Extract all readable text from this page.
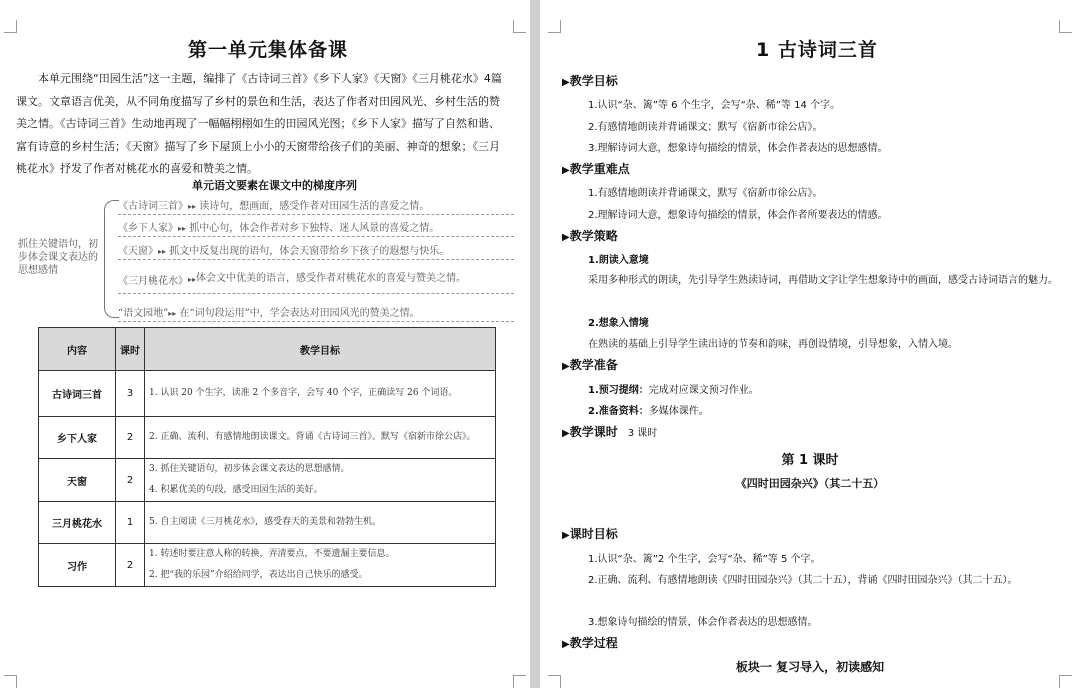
第一单元集体备课
本单元围绕“田园生活”这一主题，编排了《古诗词三首》《乡下人家》《天窗》《三月桃花水》4篇课文。文章语言优美，从不同角度描写了乡村的景色和生活，表达了作者对田园风光、乡村生活的赞美之情。《古诗词三首》生动地再现了一幅幅栩栩如生的田园风光图；《乡下人家》描写了自然和谐、富有诗意的乡村生活；《天窗》描写了乡下屋顶上小小的天窗带给孩子们的美丽、神奇的想象；《三月桃花水》抒发了作者对桃花水的喜爱和赞美之情。
单元语文要素在课文中的梯度序列
抓住关键语句，初步体会课文表达的思想感情
《古诗词三首》▸▸ 读诗句，想画面，感受作者对田园生活的喜爱之情。
《乡下人家》▸▸ 抓中心句，体会作者对乡下独特、迷人风景的喜爱之情。
《天窗》▸▸ 抓文中反复出现的语句，体会天窗带给乡下孩子的遐想与快乐。
《三月桃花水》 ▸▸ 体会文中优美的语言，感受作者对桃花水的喜爱与赞美之情。
“语文园地”▸▸ 在“词句段运用”中，学会表达对田园风光的赞美之情。
内容	课时	教学目标
古诗词三首	3	1. 认识 20 个生字，读准 2 个多音字，会写 40 个字，正确读写 26 个词语。
乡下人家	2	2. 正确、流利、有感情地朗读课文。背诵《古诗词三首》。默写《宿新市徐公店》。
天窗	2	3. 抓住关键语句，初步体会课文表达的思想感情。
4. 积累优美的句段，感受田园生活的美好。

三月桃花水	1	5. 自主阅读《三月桃花水》，感受春天的美景和勃勃生机。
习作	2	1. 转述时要注意人称的转换，弄清要点，不要遗漏主要信息。
2. 把“我的乐园”介绍给同学，表达出自己快乐的感受。
1 古诗词三首
▶教学目标
1.认识“杂、篱”等 6 个生字，会写“杂、稀”等 14 个字。
2.有感情地朗读并背诵课文；默写《宿新市徐公店》。
3.理解诗词大意，想象诗句描绘的情景，体会作者表达的思想感情。
▶教学重难点
1.有感情地朗读并背诵课文，默写《宿新市徐公店》。
2.理解诗词大意，想象诗句描绘的情景，体会作者所要表达的情感。
▶教学策略
1.朗读入意境
采用多种形式的朗读，先引导学生熟读诗词，再借助文字让学生想象诗中的画面，感受古诗词语言的魅力。
2.想象入情境
在熟读的基础上引导学生读出诗的节奏和韵味，再创设情境，引导想象，入情入境。
▶教学准备
1.预习提纲：完成对应课文预习作业。
2.准备资料：多媒体课件。
▶教学课时 3 课时
第 1 课时
《四时田园杂兴》（其二十五）
▶课时目标
1.认识“杂、篱”2 个生字，会写“杂、稀”等 5 个字。
2.正确、流利、有感情地朗读《四时田园杂兴》（其二十五），背诵《四时田园杂兴》（其二十五）。
3.想象诗句描绘的情景，体会作者表达的思想感情。
▶教学过程
板块一 复习导入，初读感知
